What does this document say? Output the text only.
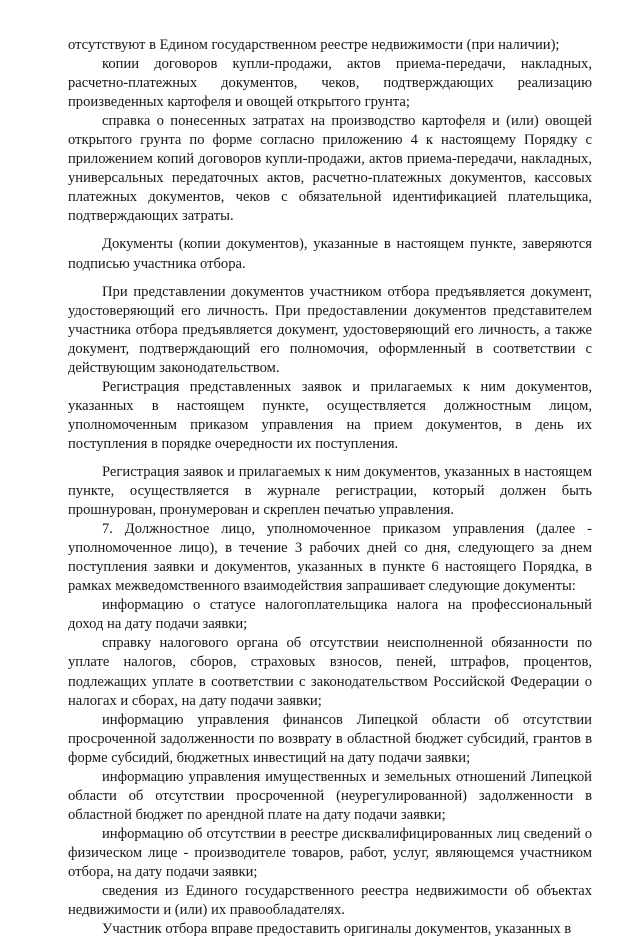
отсутствуют в Едином государственном реестре недвижимости (при наличии);

копии договоров купли-продажи, актов приема-передачи, накладных, расчетно-платежных документов, чеков, подтверждающих реализацию произведенных картофеля и овощей открытого грунта;

справка о понесенных затратах на производство картофеля и (или) овощей открытого грунта по форме согласно приложению 4 к настоящему Порядку с приложением копий договоров купли-продажи, актов приема-передачи, накладных, универсальных передаточных актов, расчетно-платежных документов, кассовых платежных документов, чеков с обязательной идентификацией плательщика, подтверждающих затраты.

Документы (копии документов), указанные в настоящем пункте, заверяются подписью участника отбора.

При представлении документов участником отбора предъявляется документ, удостоверяющий его личность. При предоставлении документов представителем участника отбора предъявляется документ, удостоверяющий его личность, а также документ, подтверждающий его полномочия, оформленный в соответствии с действующим законодательством.

Регистрация представленных заявок и прилагаемых к ним документов, указанных в настоящем пункте, осуществляется должностным лицом, уполномоченным приказом управления на прием документов, в день их поступления в порядке очередности их поступления.

Регистрация заявок и прилагаемых к ним документов, указанных в настоящем пункте, осуществляется в журнале регистрации, который должен быть прошнурован, пронумерован и скреплен печатью управления.

7. Должностное лицо, уполномоченное приказом управления (далее - уполномоченное лицо), в течение 3 рабочих дней со дня, следующего за днем поступления заявки и документов, указанных в пункте 6 настоящего Порядка, в рамках межведомственного взаимодействия запрашивает следующие документы:

информацию о статусе налогоплательщика налога на профессиональный доход на дату подачи заявки;

справку налогового органа об отсутствии неисполненной обязанности по уплате налогов, сборов, страховых взносов, пеней, штрафов, процентов, подлежащих уплате в соответствии с законодательством Российской Федерации о налогах и сборах, на дату подачи заявки;

информацию управления финансов Липецкой области об отсутствии просроченной задолженности по возврату в областной бюджет субсидий, грантов в форме субсидий, бюджетных инвестиций на дату подачи заявки;

информацию управления имущественных и земельных отношений Липецкой области об отсутствии просроченной (неурегулированной) задолженности в областной бюджет по арендной плате на дату подачи заявки;

информацию об отсутствии в реестре дисквалифицированных лиц сведений о физическом лице - производителе товаров, работ, услуг, являющемся участником отбора, на дату подачи заявки;

сведения из Единого государственного реестра недвижимости об объектах недвижимости и (или) их правообладателях.

Участник отбора вправе предоставить оригиналы документов, указанных в
